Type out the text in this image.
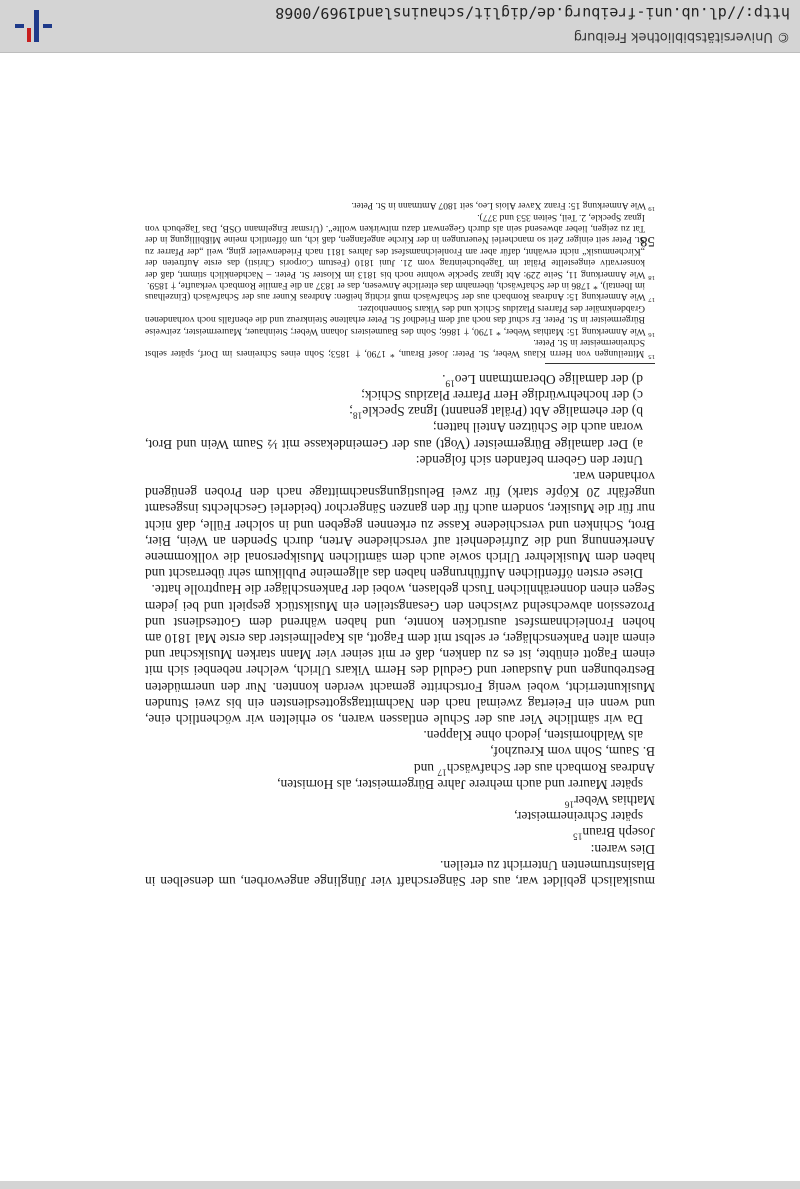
musikalisch gebildet war, aus der Sängerschaft vier Jünglinge angeworben, um denselben in Blasinstrumenten Unterricht zu erteilen.

Dies waren:

Joseph Braun$^{15}$
später Schreinermeister,
Mathias Weber$^{16}$
später Maurer und auch mehrere Jahre Bürgermeister, als Hornisten,
Andreas Rombach aus der Schafwäsch$^{17}$ und
B. Saum, Sohn vom Kreuzhof,
als Waldhornisten, jedoch ohne Klappen.

Da wir sämtliche Vier aus der Schule entlassen waren, so erhielten wir wöchentlich eine, und wenn ein Feiertag zweimal nach den Nachmittagsgottesdiensten ein bis zwei Stunden Musikunterricht, wobei wenig Fortschritte gemacht werden konnten. Nur den unermüdeten Bestrebungen und Ausdauer und Geduld des Herrn Vikars Ulrich, welcher nebenbei sich mit einem Fagott einübte, ist es zu danken, daß er mit seiner vier Mann starken Musikschar und einem alten Pankenschläger, er selbst mit dem Fagott, als Kapellmeister das erste Mal 1810 am hohen Fronleichnamsfest ausrücken konnte, und haben während dem Gottesdienst und Prozession abwechselnd zwischen den Gesangsteilen ein Musikstück gespielt und bei jedem Segen einen donnerähnlichen Tusch geblasen, wobei der Pankenschläger die Hauptrolle hatte.

Diese ersten öffentlichen Aufführungen haben das allgemeine Publikum sehr überrascht und haben dem Musiklehrer Ulrich sowie auch dem sämtlichen Musikpersonal die vollkommene Anerkennung und die Zufriedenheit auf verschiedene Arten, durch Spenden an Wein, Bier, Brot, Schinken und verschiedene Kasse zu erkennen gegeben und in solcher Fülle, daß nicht nur für die Musiker, sondern auch für den ganzen Sängerchor (beiderlei Geschlechts insgesamt ungefähr 20 Köpfe stark) für zwei Belustigungsnachmittage nach den Proben genügend vorhanden war.

Unter den Gebern befanden sich folgende:

a) Der damalige Bürgermeister (Vogt) aus der Gemeindekasse mit ½ Saum Wein und Brot, woran auch die Schützen Anteil hatten;
b) der ehemalige Abt (Prälat genannt) Ignaz Speckle$^{18}$;
c) der hochehrwürdige Herr Pfarrer Plazidus Schick;
d) der damalige Oberamtmann Leo$^{19}$.

$^{15}$ Mitteilungen von Herrn Klaus Weber, St. Peter: Josef Braun, * 1790, † 1853; Sohn eines Schreiners im Dorf, später selbst Schreinermeister in St. Peter.

$^{16}$ Wie Anmerkung 15: Mathias Weber, * 1790, † 1866; Sohn des Baumeisters Johann Weber; Steinhauer, Maurermeister, zeitweise Bürgermeister in St. Peter. Er schuf das noch auf dem Friedhof St. Peter erhaltene Steinkreuz und die ebenfalls noch vorhandenen Grabdenkmäler des Pfarrers Plazidus Schick und des Vikars Sonnenholzer.

$^{17}$ Wie Anmerkung 15: Andreas Rombach aus der Schafwäsch muß richtig heißen: Andreas Kuner aus der Schafwäsch (Einzelhaus im Ibental), * 1786 in der Schafwäsch, übernahm das elterliche Anwesen, das er 1837 an die Familie Rombach verkaufte, † 1859.

$^{18}$ Wie Anmerkung 11, Seite 229: Abt Ignaz Speckle wohnte noch bis 1813 im Kloster St. Peter. – Nachdenklich stimmt, daß der konservativ eingestellte Prälat im Tagebucheintrag vom 21. Juni 1810 (Festum Corporis Christi) das erste Auftreten der „Kirchenmusik“ nicht erwähnt, dafür aber am Fronleichnamsfest des Jahres 1811 nach Friedenweiler ging, weil „der Pfarrer zu St. Peter seit einiger Zeit so mancherlei Neuerungen in der Kirche angefangen, daß ich, um öffentlich meine Mißbilligung in der Tat zu zeigen, lieber abwesend sein als durch Gegenwart dazu mitwirken wollte“. (Ursmar Engelmann OSB, Das Tagebuch von Ignaz Speckle, 2. Teil, Seiten 353 und 377).

$^{19}$ Wie Anmerkung 15: Franz Xaver Alois Leo, seit 1807 Amtmann in St. Peter.

58
© Universitätsbibliothek Freiburg
http://dl.ub.uni-freiburg.de/diglit/schauinsland1969/0068
